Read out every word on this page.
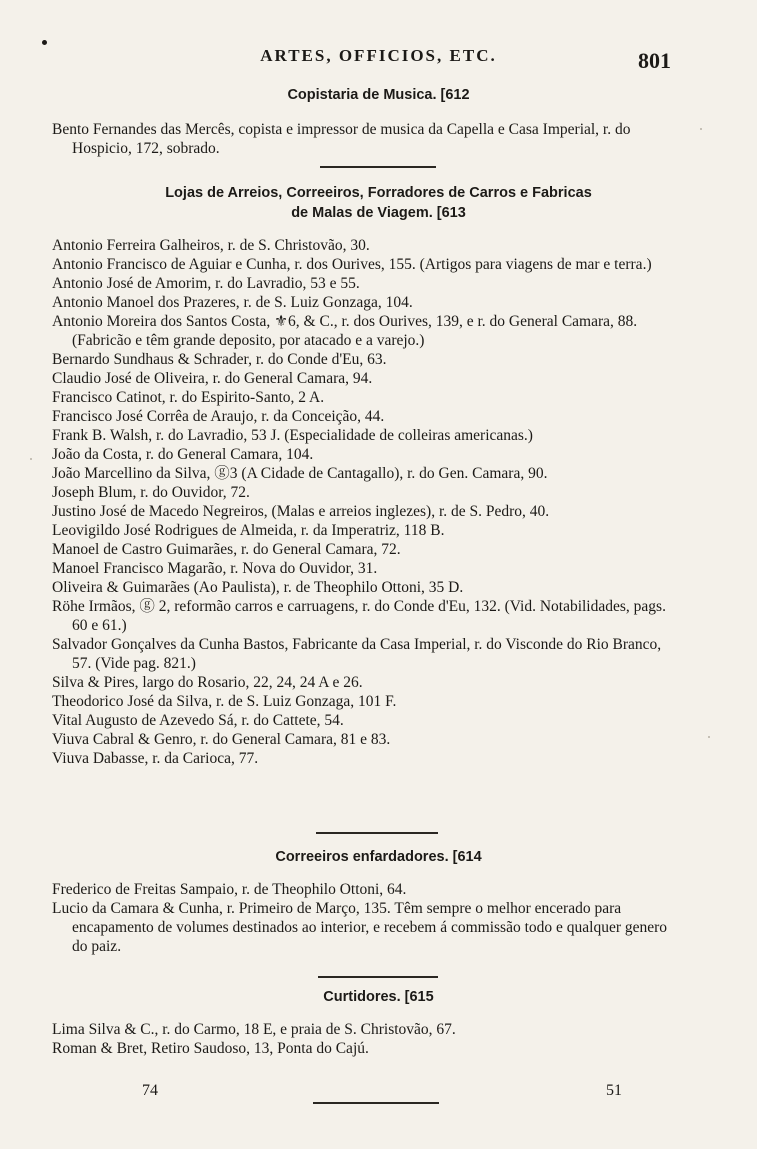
ARTES, OFFICIOS, ETC.	801
Copistaria de Musica. [612
Bento Fernandes das Mercês, copista e impressor de musica da Capella e Casa Imperial, r. do Hospicio, 172, sobrado.
Lojas de Arreios, Correeiros, Forradores de Carros e Fabricas
de Malas de Viagem. [613
Antonio Ferreira Galheiros, r. de S. Christovão, 30.
Antonio Francisco de Aguiar e Cunha, r. dos Ourives, 155. (Artigos para viagens de mar e terra.)
Antonio José de Amorim, r. do Lavradio, 53 e 55.
Antonio Manoel dos Prazeres, r. de S. Luiz Gonzaga, 104.
Antonio Moreira dos Santos Costa, ⚜6, & C., r. dos Ourives, 139, e r. do General Camara, 88. (Fabricão e têm grande deposito, por atacado e a varejo.)
Bernardo Sundhaus & Schrader, r. do Conde d'Eu, 63.
Claudio José de Oliveira, r. do General Camara, 94.
Francisco Catinot, r. do Espirito-Santo, 2 A.
Francisco José Corrêa de Araujo, r. da Conceição, 44.
Frank B. Walsh, r. do Lavradio, 53 J. (Especialidade de colleiras americanas.)
João da Costa, r. do General Camara, 104.
João Marcellino da Silva, ⓖ3 (A Cidade de Cantagallo), r. do Gen. Camara, 90.
Joseph Blum, r. do Ouvidor, 72.
Justino José de Macedo Negreiros, (Malas e arreios inglezes), r. de S. Pedro, 40.
Leovigildo José Rodrigues de Almeida, r. da Imperatriz, 118 B.
Manoel de Castro Guimarães, r. do General Camara, 72.
Manoel Francisco Magarão, r. Nova do Ouvidor, 31.
Oliveira & Guimarães (Ao Paulista), r. de Theophilo Ottoni, 35 D.
Röhe Irmãos, ⓖ 2, reformão carros e carruagens, r. do Conde d'Eu, 132. (Vid. Notabilidades, pags. 60 e 61.)
Salvador Gonçalves da Cunha Bastos, Fabricante da Casa Imperial, r. do Visconde do Rio Branco, 57. (Vide pag. 821.)
Silva & Pires, largo do Rosario, 22, 24, 24 A e 26.
Theodorico José da Silva, r. de S. Luiz Gonzaga, 101 F.
Vital Augusto de Azevedo Sá, r. do Cattete, 54.
Viuva Cabral & Genro, r. do General Camara, 81 e 83.
Viuva Dabasse, r. da Carioca, 77.
Correeiros enfardadores. [614
Frederico de Freitas Sampaio, r. de Theophilo Ottoni, 64.
Lucio da Camara & Cunha, r. Primeiro de Março, 135. Têm sempre o melhor encerado para encapamento de volumes destinados ao interior, e recebem á commissão todo e qualquer genero do paiz.
Curtidores. [615
Lima Silva & C., r. do Carmo, 18 E, e praia de S. Christovão, 67.
Roman & Bret, Retiro Saudoso, 13, Ponta do Cajú.
74	51
